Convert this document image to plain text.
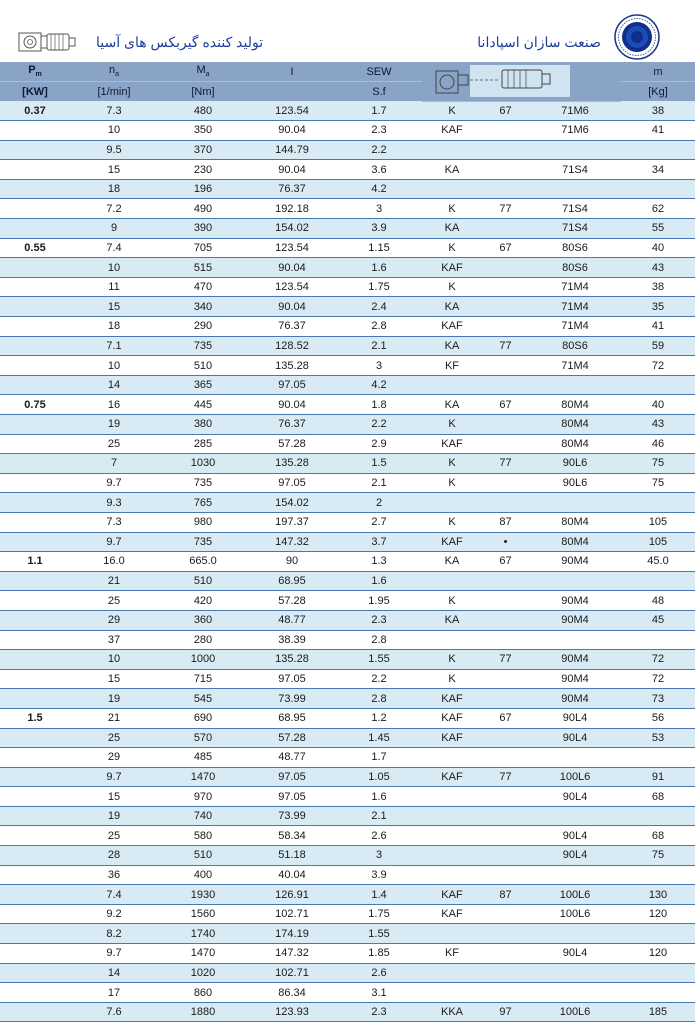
تولید کننده گیربکس های آسیا	صنعت سازان اسپادانا
$P_m$	$n_a$	$M_a$	I	SEW				m
[KW]	[1/min]	[Nm]		S.f				[Kg]
0.37	7.3	480	123.54	1.7	K	67	71M6	38
	10	350	90.04	2.3	KAF		71M6	41
	9.5	370	144.79	2.2				
	15	230	90.04	3.6	KA		71S4	34
	18	196	76.37	4.2				
	7.2	490	192.18	3	K	77	71S4	62
	9	390	154.02	3.9	KA		71S4	55
0.55	7.4	705	123.54	1.15	K	67	80S6	40
	10	515	90.04	1.6	KAF		80S6	43
	11	470	123.54	1.75	K		71M4	38
	15	340	90.04	2.4	KA		71M4	35
	18	290	76.37	2.8	KAF		71M4	41
	7.1	735	128.52	2.1	KA	77	80S6	59
	10	510	135.28	3	KF		71M4	72
	14	365	97.05	4.2				
0.75	16	445	90.04	1.8	KA	67	80M4	40
	19	380	76.37	2.2	K		80M4	43
	25	285	57.28	2.9	KAF		80M4	46
	7	1030	135.28	1.5	K	77	90L6	75
	9.7	735	97.05	2.1	K		90L6	75
	9.3	765	154.02	2				
	7.3	980	197.37	2.7	K	87	80M4	105
	9.7	735	147.32	3.7	KAF	•	80M4	105
1.1	16.0	665.0	90	1.3	KA	67	90M4	45.0
	21	510	68.95	1.6				
	25	420	57.28	1.95	K		90M4	48
	29	360	48.77	2.3	KA		90M4	45
	37	280	38.39	2.8				
	10	1000	135.28	1.55	K	77	90M4	72
	15	715	97.05	2.2	K		90M4	72
	19	545	73.99	2.8	KAF		90M4	73
1.5	21	690	68.95	1.2	KAF	67	90L4	56
	25	570	57.28	1.45	KAF		90L4	53
	29	485	48.77	1.7				
	9.7	1470	97.05	1.05	KAF	77	100L6	91
	15	970	97.05	1.6			90L4	68
	19	740	73.99	2.1				
	25	580	58.34	2.6			90L4	68
	28	510	51.18	3			90L4	75
	36	400	40.04	3.9				
	7.4	1930	126.91	1.4	KAF	87	100L6	130
	9.2	1560	102.71	1.75	KAF		100L6	120
	8.2	1740	174.19	1.55				
	9.7	1470	147.32	1.85	KF		90L4	120
	14	1020	102.71	2.6				
	17	860	86.34	3.1				
	7.6	1880	123.93	2.3	KKA	97	100L6	185
